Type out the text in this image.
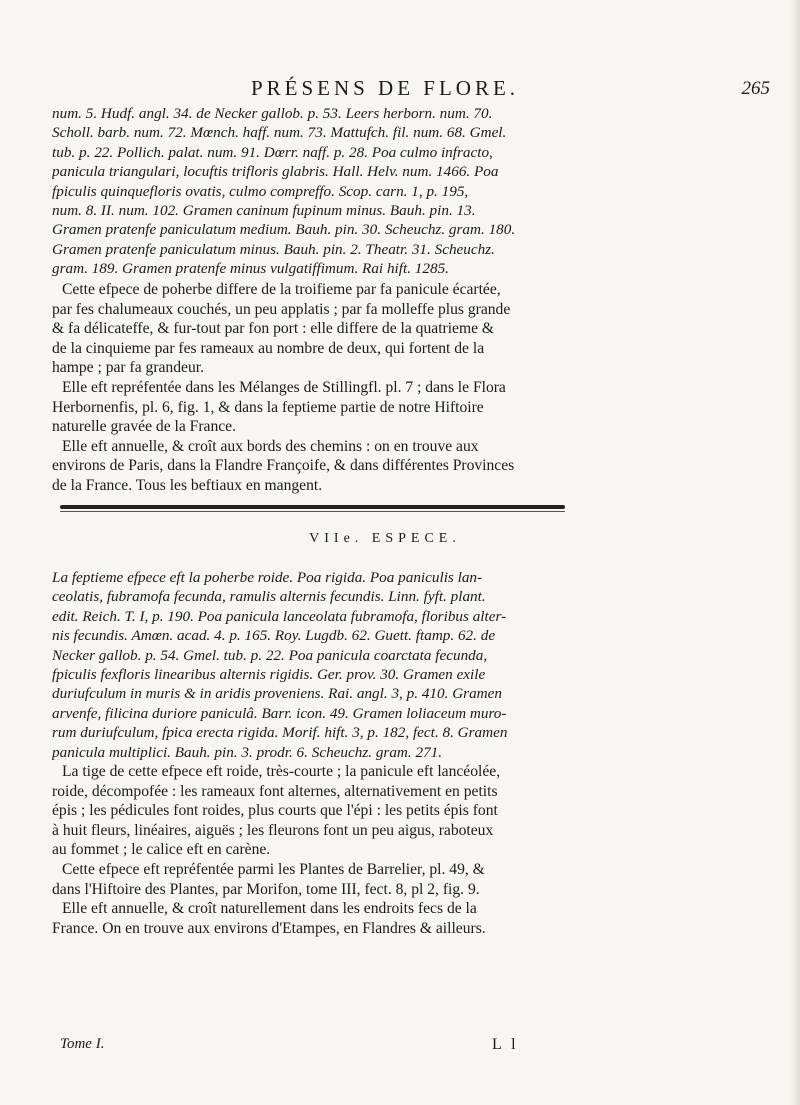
PRÉSENS DE FLORE.	265
num. 5. Hudf. angl. 34. de Necker gallob. p. 53. Leers herborn. num. 70.
Scholl. barb. num. 72. Mœnch. haff. num. 73. Mattufch. fil. num. 68. Gmel.
tub. p. 22. Pollich. palat. num. 91. Dœrr. naff. p. 28. Poa culmo infracto,
panicula triangulari, locuftis trifloris glabris. Hall. Helv. num. 1466. Poa
fpiculis quinquefloris ovatis, culmo compreffo. Scop. carn. 1, p. 195,
num. 8. II. num. 102. Gramen caninum fupinum minus. Bauh. pin. 13.
Gramen pratenfe paniculatum medium. Bauh. pin. 30. Scheuchz. gram. 180.
Gramen pratenfe paniculatum minus. Bauh. pin. 2. Theatr. 31. Scheuchz.
gram. 189. Gramen pratenfe minus vulgatiffimum. Rai hift. 1285.
Cette efpece de poherbe differe de la troifieme par fa panicule écartée,
par fes chalumeaux couchés, un peu applatis ; par fa molleffe plus grande
& fa délicateffe, & fur-tout par fon port : elle differe de la quatrieme &
de la cinquieme par fes rameaux au nombre de deux, qui fortent de la
hampe ; par fa grandeur.
Elle eft repréfentée dans les Mélanges de Stillingfl. pl. 7 ; dans le Flora
Herbornenfis, pl. 6, fig. 1, & dans la feptieme partie de notre Hiftoire
naturelle gravée de la France.
Elle eft annuelle, & croît aux bords des chemins : on en trouve aux
environs de Paris, dans la Flandre Françoife, & dans différentes Provinces
de la France. Tous les beftiaux en mangent.
VIIe. ESPECE.
La feptieme efpece eft la poherbe roide. Poa rigida. Poa paniculis lan-
ceolatis, fubramofa fecunda, ramulis alternis fecundis. Linn. fyft. plant.
edit. Reich. T. I, p. 190. Poa panicula lanceolata fubramofa, floribus alter-
nis fecundis. Amœn. acad. 4. p. 165. Roy. Lugdb. 62. Guett. ftamp. 62. de
Necker gallob. p. 54. Gmel. tub. p. 22. Poa panicula coarctata fecunda,
fpiculis fexfloris linearibus alternis rigidis. Ger. prov. 30. Gramen exile
duriufculum in muris & in aridis proveniens. Rai. angl. 3, p. 410. Gramen
arvenfe, filicina duriore paniculâ. Barr. icon. 49. Gramen loliaceum muro-
rum duriufculum, fpica erecta rigida. Morif. hift. 3, p. 182, fect. 8. Gramen
panicula multiplici. Bauh. pin. 3. prodr. 6. Scheuchz. gram. 271.
La tige de cette efpece eft roide, très-courte ; la panicule eft lancéolée,
roide, décompofée : les rameaux font alternes, alternativement en petits
épis ; les pédicules font roides, plus courts que l'épi : les petits épis font
à huit fleurs, linéaires, aiguës ; les fleurons font un peu aigus, raboteux
au fommet ; le calice eft en carène.
Cette efpece eft repréfentée parmi les Plantes de Barrelier, pl. 49, &
dans l'Hiftoire des Plantes, par Morifon, tome III, fect. 8, pl 2, fig. 9.
Elle eft annuelle, & croît naturellement dans les endroits fecs de la
France. On en trouve aux environs d'Etampes, en Flandres & ailleurs.
Tome I.	L l
